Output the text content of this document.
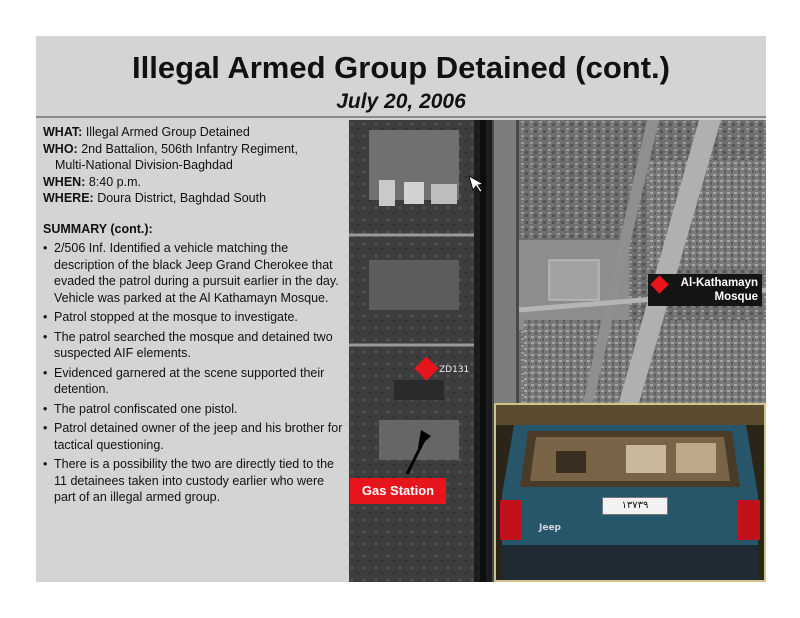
Illegal Armed Group Detained (cont.)
July 20, 2006
WHAT: Illegal Armed Group Detained
WHO: 2nd Battalion, 506th Infantry Regiment,
Multi-National Division-Baghdad
WHEN: 8:40 p.m.
WHERE: Doura District, Baghdad South
SUMMARY (cont.):
• 2/506 Inf. Identified a vehicle matching the description of the black Jeep Grand Cherokee that evaded the patrol during a pursuit earlier in the day. Vehicle was parked at the Al Kathamayn Mosque.
• Patrol stopped at the mosque to investigate.
• The patrol searched the mosque and detained two suspected AIF elements.
• Evidenced garnered at the scene supported their detention.
• The patrol confiscated one pistol.
• Patrol detained owner of the jeep and his brother for tactical questioning.
• There is a possibility the two are directly tied to the 11 detainees taken into custody earlier who were part of an illegal armed group.
Al-Kathamayn
Mosque
ZD131
Gas Station
١٣٧٣٩
Jeep
